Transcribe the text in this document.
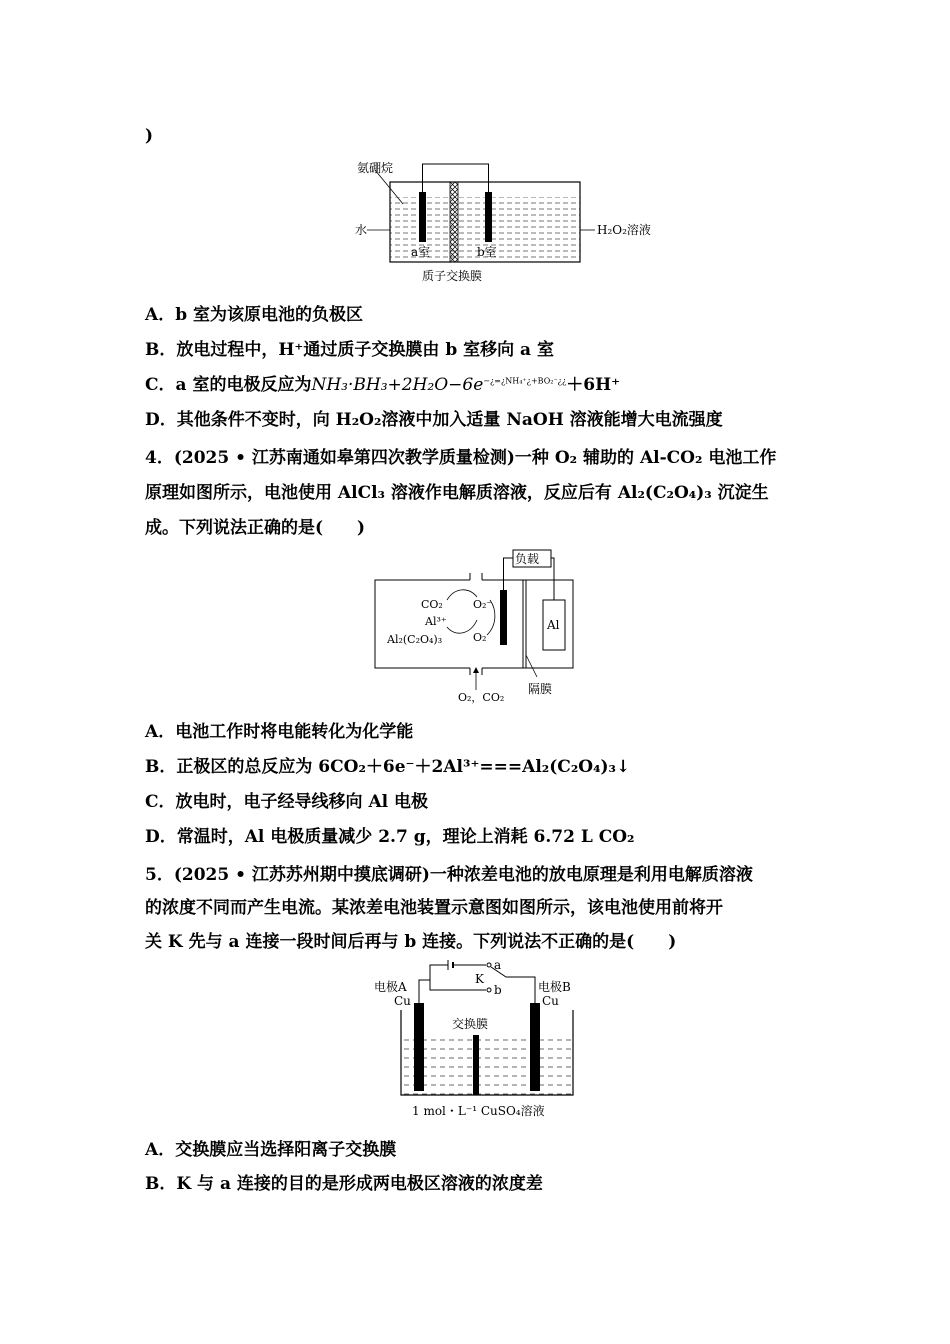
)
氨硼烷
水	H₂O₂溶液
a室	b室
质子交换膜
A．b 室为该原电池的负极区
B．放电过程中，H⁺通过质子交换膜由 b 室移向 a 室
C．a 室的电极反应为$NH_3\cdot BH_3+2H_2O-6e^{-¿=¿NH_4^+¿+BO_2^-¿¿}+6H^+$
D．其他条件不变时，向 H₂O₂溶液中加入适量 NaOH 溶液能增大电流强度
4．(2025 • 江苏南通如皋第四次教学质量检测)一种 O₂ 辅助的 Al-CO₂ 电池工作
原理如图所示，电池使用 AlCl₃ 溶液作电解质溶液，反应后有 Al₂(C₂O₄)₃ 沉淀生
成。下列说法正确的是(　　)
负载
CO₂
Al³⁺
Al₂(C₂O₄)₃
O₂⁻
O₂
Al
O₂，CO₂
隔膜
A．电池工作时将电能转化为化学能
B．正极区的总反应为 6CO₂＋6e⁻＋2Al³⁺===Al₂(C₂O₄)₃↓
C．放电时，电子经导线移向 Al 电极
D．常温时，Al 电极质量减少 2.7 g，理论上消耗 6.72 L CO₂
5．(2025 • 江苏苏州期中摸底调研)一种浓差电池的放电原理是利用电解质溶液
的浓度不同而产生电流。某浓差电池装置示意图如图所示，该电池使用前将开
关 K 先与 a 连接一段时间后再与 b 连接。下列说法不正确的是(　　)
a
K
b
电极A
Cu
电极B
Cu
交换膜
1 mol・L⁻¹ CuSO₄溶液
A．交换膜应当选择阳离子交换膜
B．K 与 a 连接的目的是形成两电极区溶液的浓度差
